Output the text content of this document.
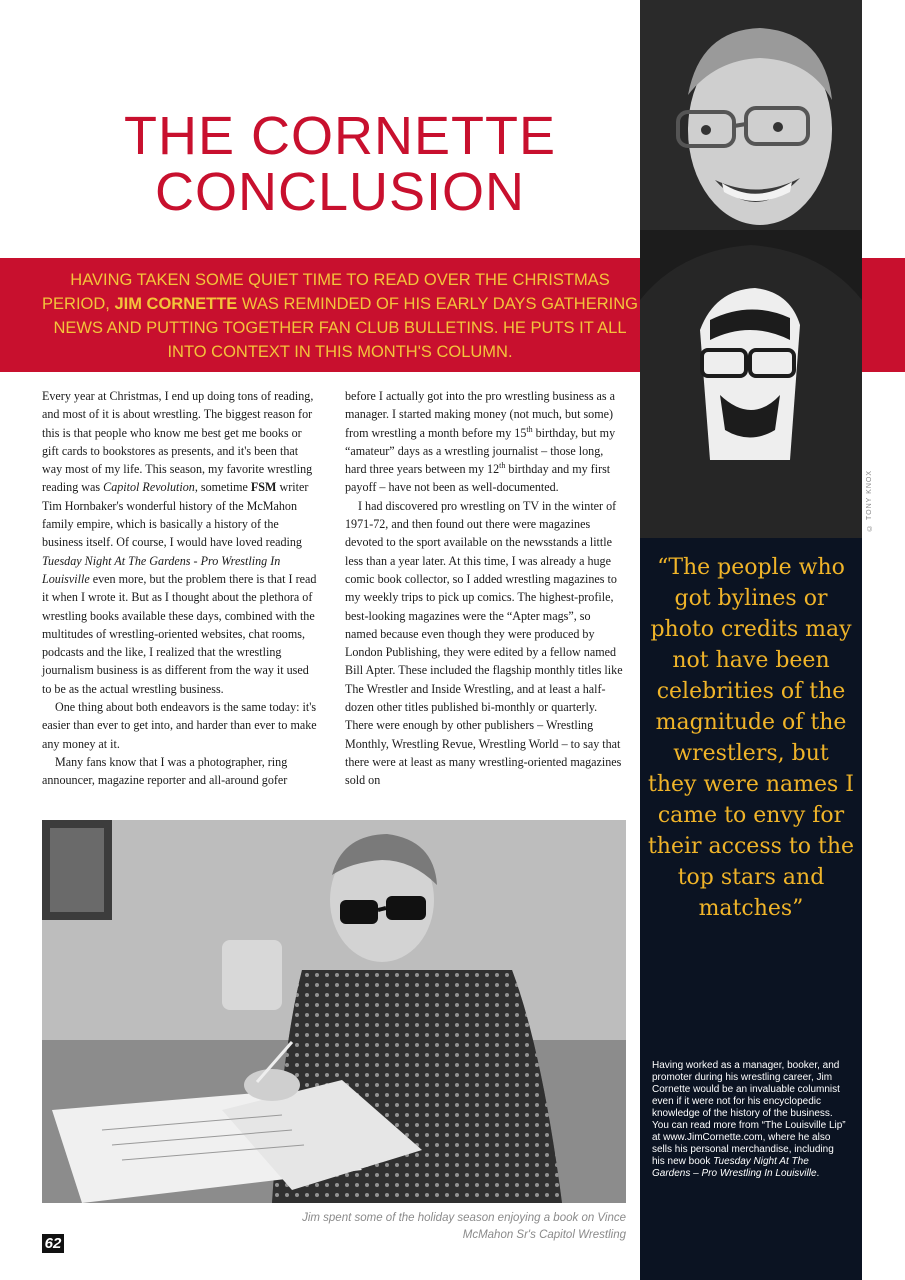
THE CORNETTE
CONCLUSION
HAVING TAKEN SOME QUIET TIME TO READ OVER THE CHRISTMAS PERIOD, JIM CORNETTE WAS REMINDED OF HIS EARLY DAYS GATHERING NEWS AND PUTTING TOGETHER FAN CLUB BULLETINS. HE PUTS IT ALL INTO CONTEXT IN THIS MONTH'S COLUMN.
© TONY KNOX
“The people who got bylines or photo credits may not have been celebrities of the magnitude of the wrestlers, but they were names I came to envy for their access to the top stars and matches”
Having worked as a manager, booker, and promoter during his wrestling career, Jim Cornette would be an invaluable columnist even if it were not for his encyclopedic knowledge of the history of the business. You can read more from “The Louisville Lip” at www.JimCornette.com, where he also sells his personal merchandise, including his new book Tuesday Night At The Gardens – Pro Wrestling In Louisville.

Every year at Christmas, I end up doing tons of reading, and most of it is about wrestling. The biggest reason for this is that people who know me best get me books or gift cards to bookstores as presents, and it's been that way most of my life. This season, my favorite wrestling reading was Capitol Revolution, sometime FSM writer Tim Hornbaker's wonderful history of the McMahon family empire, which is basically a history of the business itself. Of course, I would have loved reading Tuesday Night At The Gardens - Pro Wrestling In Louisville even more, but the problem there is that I read it when I wrote it. But as I thought about the plethora of wrestling books available these days, combined with the multitudes of wrestling-oriented websites, chat rooms, podcasts and the like, I realized that the wrestling journalism business is as different from the way it used to be as the actual wrestling business.

One thing about both endeavors is the same today: it's easier than ever to get into, and harder than ever to make any money at it.

Many fans know that I was a photographer, ring announcer, magazine reporter and all-around gofer

before I actually got into the pro wrestling business as a manager. I started making money (not much, but some) from wrestling a month before my 15th birthday, but my “amateur” days as a wrestling journalist – those long, hard three years between my 12th birthday and my first payoff – have not been as well-documented.

I had discovered pro wrestling on TV in the winter of 1971-72, and then found out there were magazines devoted to the sport available on the newsstands a little less than a year later. At this time, I was already a huge comic book collector, so I added wrestling magazines to my weekly trips to pick up comics. The highest-profile, best-looking magazines were the “Apter mags”, so named because even though they were produced by London Publishing, they were edited by a fellow named Bill Apter. These included the flagship monthly titles like The Wrestler and Inside Wrestling, and at least a half-dozen other titles published bi-monthly or quarterly. There were enough by other publishers – Wrestling Monthly, Wrestling Revue, Wrestling World – to say that there were at least as many wrestling-oriented magazines sold on

Jim spent some of the holiday season enjoying a book on Vince McMahon Sr's Capitol Wrestling
62
